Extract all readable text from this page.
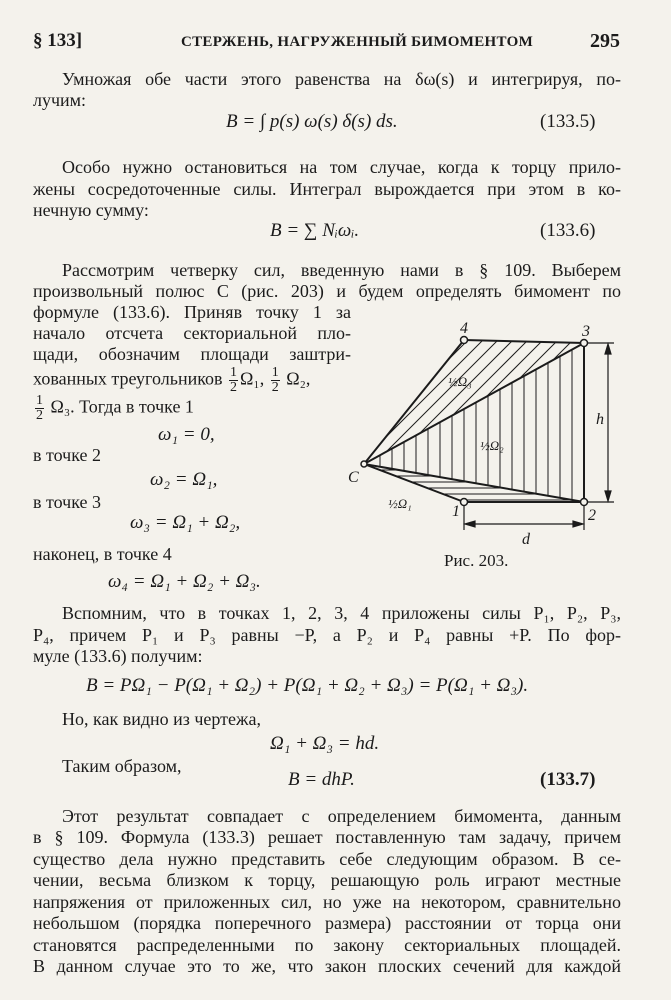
§ 133]	СТЕРЖЕНЬ, НАГРУЖЕННЫЙ БИМОМЕНТОМ	295
Умножая обе части этого равенства на δω(s) и интегрируя, по-
лучим:
B = ∫ p(s) ω(s) δ(s) ds.	(133.5)
Особо нужно остановиться на том случае, когда к торцу прило-
жены сосредоточенные силы. Интеграл вырождается при этом в ко-
нечную сумму:
B = ∑ Nᵢωᵢ.	(133.6)
Рассмотрим четверку сил, введенную нами в § 109. Выберем
произвольный полюс C (рис. 203) и будем определять бимомент по
формуле (133.6). Приняв точку 1 за
начало отсчета секториальной пло-
щади, обозначим площади заштри-
хованных треугольников $\frac{1}{2} \Omega_1$, $\frac{1}{2} \Omega_2$,
$\frac{1}{2} \Omega_3$. Тогда в точке 1
ω₁ = 0,
в точке 2
ω₂ = Ω₁,
в точке 3
ω₃ = Ω₁ + Ω₂,
наконец, в точке 4
ω₄ = Ω₁ + Ω₂ + Ω₃.
4	3
2
1
C
h
d
½Ω₁
½Ω₂
½Ω₃
Рис. 203.
Вспомним, что в точках 1, 2, 3, 4 приложены силы P₁, P₂, P₃,
P₄, причем P₁ и P₃ равны −P, а P₂ и P₄ равны +P. По фор-
муле (133.6) получим:
B = PΩ₁ − P(Ω₁ + Ω₂) + P(Ω₁ + Ω₂ + Ω₃) = P(Ω₁ + Ω₃).
Но, как видно из чертежа,
Ω₁ + Ω₃ = hd.
Таким образом,
B = dhP.	(133.7)
Этот результат совпадает с определением бимомента, данным
в § 109. Формула (133.3) решает поставленную там задачу, причем
существо дела нужно представить себе следующим образом. В се-
чении, весьма близком к торцу, решающую роль играют местные
напряжения от приложенных сил, но уже на некотором, сравнительно
небольшом (порядка поперечного размера) расстоянии от торца они
становятся распределенными по закону секториальных площадей.
В данном случае это то же, что закон плоских сечений для каждой
